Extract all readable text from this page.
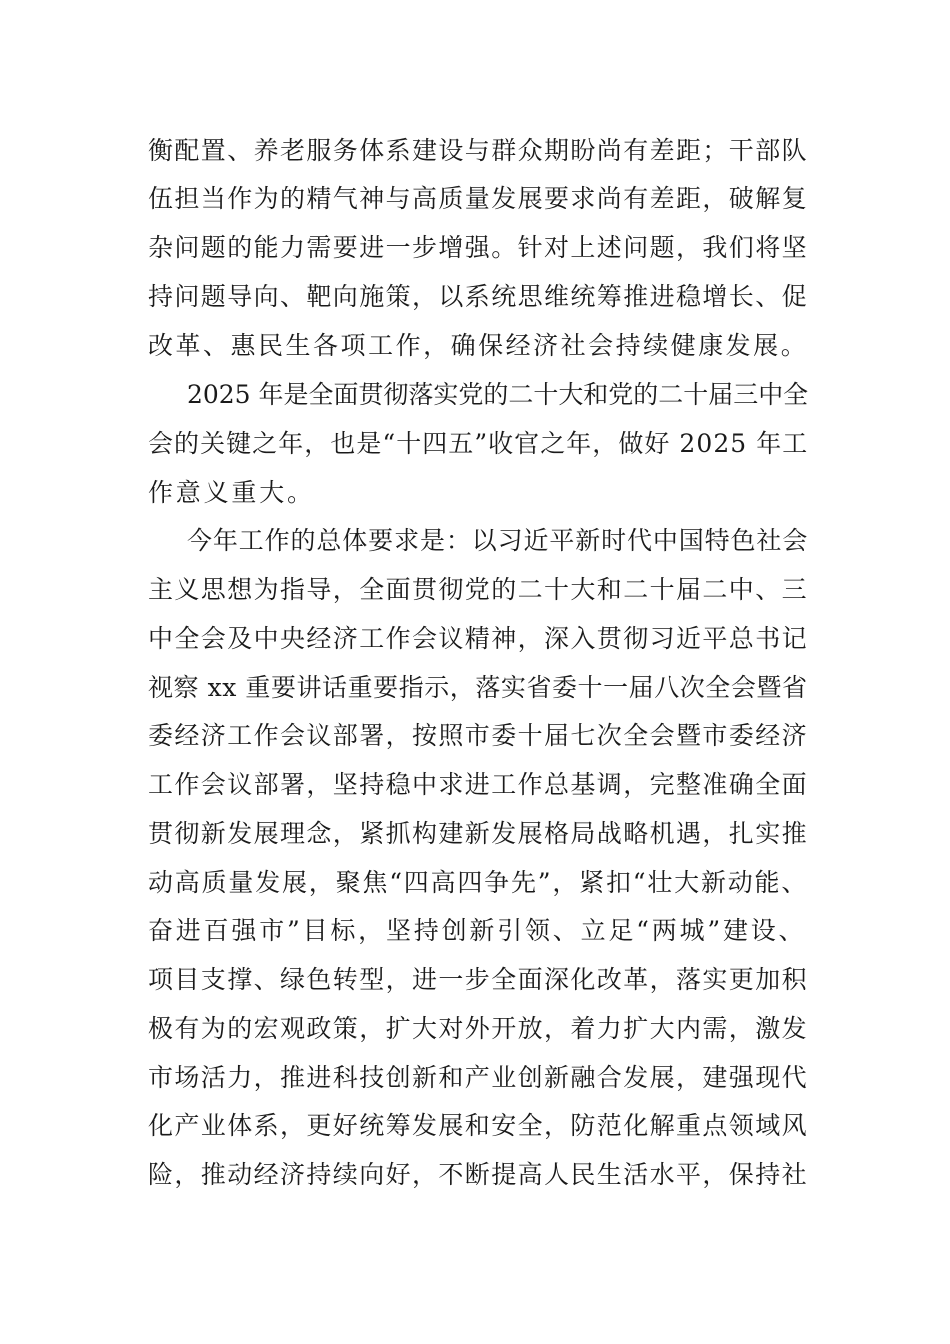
衡配置、养老服务体系建设与群众期盼尚有差距；干部队

伍担当作为的精气神与高质量发展要求尚有差距，破解复

杂问题的能力需要进一步增强。针对上述问题，我们将坚

持问题导向、靶向施策，以系统思维统筹推进稳增长、促

改革、惠民生各项工作，确保经济社会持续健康发展。

2025 年是全面贯彻落实党的二十大和党的二十届三中全

会的关键之年，也是“十四五”收官之年，做好 2025 年工

作意义重大。

今年工作的总体要求是：以习近平新时代中国特色社会

主义思想为指导，全面贯彻党的二十大和二十届二中、三

中全会及中央经济工作会议精神，深入贯彻习近平总书记

视察 xx 重要讲话重要指示，落实省委十一届八次全会暨省

委经济工作会议部署，按照市委十届七次全会暨市委经济

工作会议部署，坚持稳中求进工作总基调，完整准确全面

贯彻新发展理念，紧抓构建新发展格局战略机遇，扎实推

动高质量发展，聚焦“四高四争先”，紧扣“壮大新动能、

奋进百强市”目标，坚持创新引领、立足“两城”建设、

项目支撑、绿色转型，进一步全面深化改革，落实更加积

极有为的宏观政策，扩大对外开放，着力扩大内需，激发

市场活力，推进科技创新和产业创新融合发展，建强现代

化产业体系，更好统筹发展和安全，防范化解重点领域风

险，推动经济持续向好，不断提高人民生活水平，保持社
